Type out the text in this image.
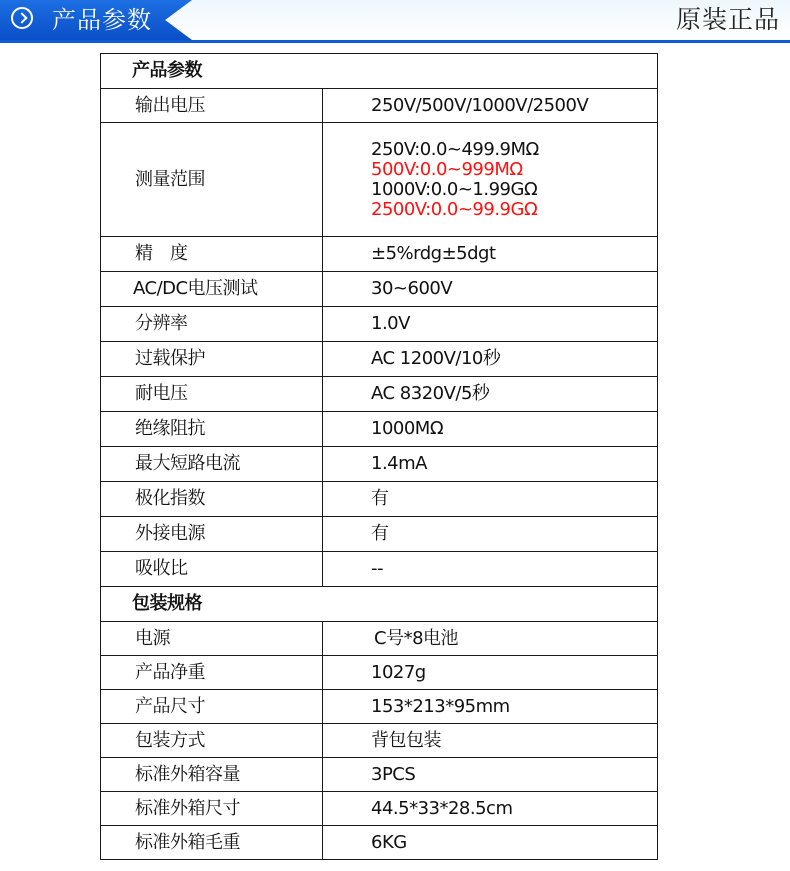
产品参数	原装正品
产品参数	
输出电压	250V/500V/1000V/2500V
测量范围	250V:0.0~499.9MΩ
500V:0.0~999MΩ
1000V:0.0~1.99GΩ
2500V:0.0~99.9GΩ

精　度	±5%rdg±5dgt
AC/DC电压测试	30~600V
分辨率	1.0V
过载保护	AC 1200V/10秒
耐电压	AC 8320V/5秒
绝缘阻抗	1000MΩ
最大短路电流	1.4mA
极化指数	有
外接电源	有
吸收比	--
包装规格	
电源	C号*8电池
产品净重	1027g
产品尺寸	153*213*95mm
包装方式	背包包装
标准外箱容量	3PCS
标准外箱尺寸	44.5*33*28.5cm
标准外箱毛重	6KG
